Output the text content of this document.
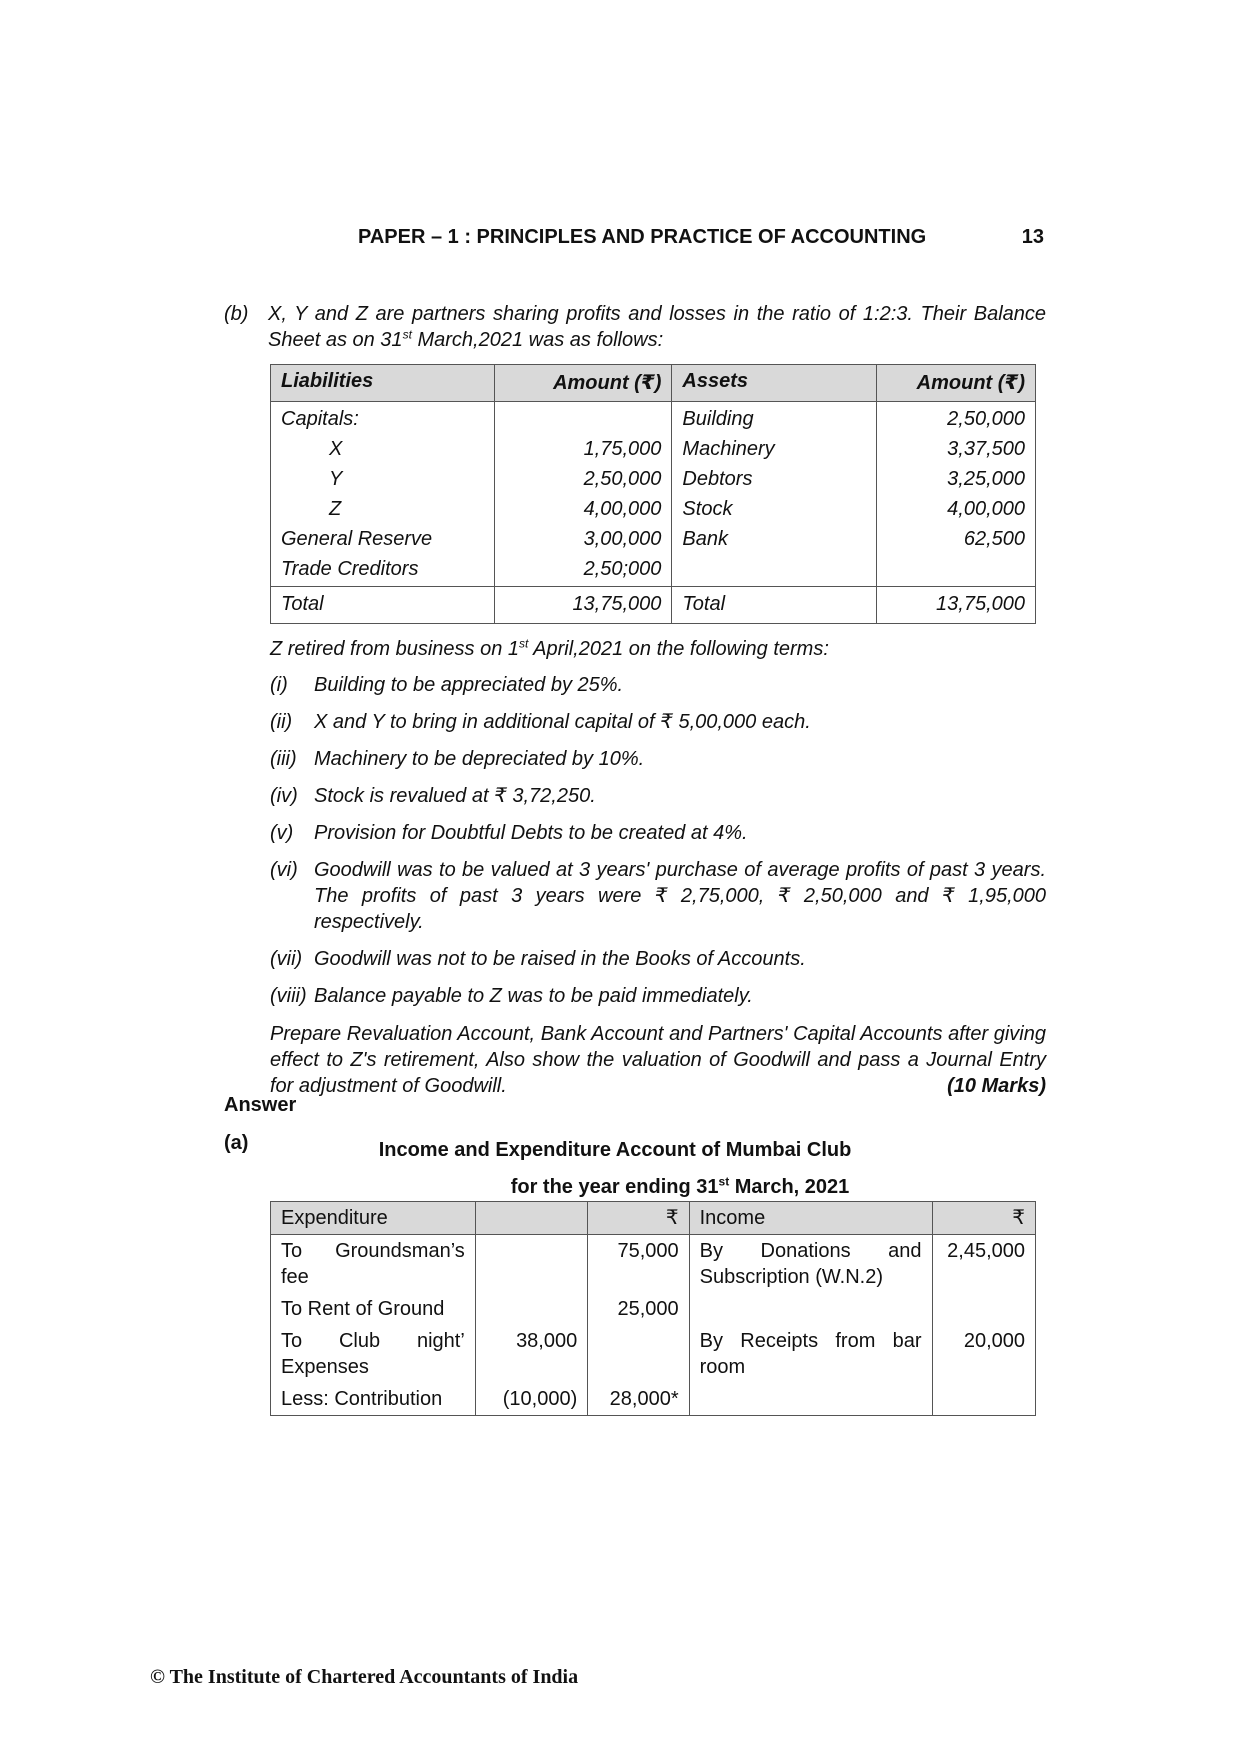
PAPER – 1 : PRINCIPLES AND PRACTICE OF ACCOUNTING	13
(b) X, Y and Z are partners sharing profits and losses in the ratio of 1:2:3. Their Balance Sheet as on 31st March,2021 was as follows:
Liabilities	Amount (₹)	Assets	Amount (₹)
Capitals:		Building	2,50,000
X	1,75,000	Machinery	3,37,500
Y	2,50,000	Debtors	3,25,000
Z	4,00,000	Stock	4,00,000
General Reserve	3,00,000	Bank	62,500
Trade Creditors	2,50;000		
Total	13,75,000	Total	13,75,000

Z retired from business on 1st April,2021 on the following terms:

(i) Building to be appreciated by 25%.
(ii) X and Y to bring in additional capital of ₹ 5,00,000 each.
(iii) Machinery to be depreciated by 10%.
(iv) Stock is revalued at ₹ 3,72,250.
(v) Provision for Doubtful Debts to be created at 4%.
(vi) Goodwill was to be valued at 3 years' purchase of average profits of past 3 years. The profits of past 3 years were ₹ 2,75,000, ₹ 2,50,000 and ₹ 1,95,000 respectively.
(vii) Goodwill was not to be raised in the Books of Accounts.
(viii) Balance payable to Z was to be paid immediately.
Prepare Revaluation Account, Bank Account and Partners' Capital Accounts after giving effect to Z's retirement, Also show the valuation of Goodwill and pass a Journal Entry for adjustment of Goodwill.	(10 Marks)
Answer
(a)	Income and Expenditure Account of Mumbai Club
for the year ending 31st March, 2021
Expenditure		₹	Income	₹
To Groundsman’s fee		75,000	By Donations and Subscription (W.N.2)	2,45,000
To Rent of Ground		25,000		
To Club night’ Expenses	38,000		By Receipts from bar room	20,000
Less: Contribution	(10,000)	28,000*		
© The Institute of Chartered Accountants of India
